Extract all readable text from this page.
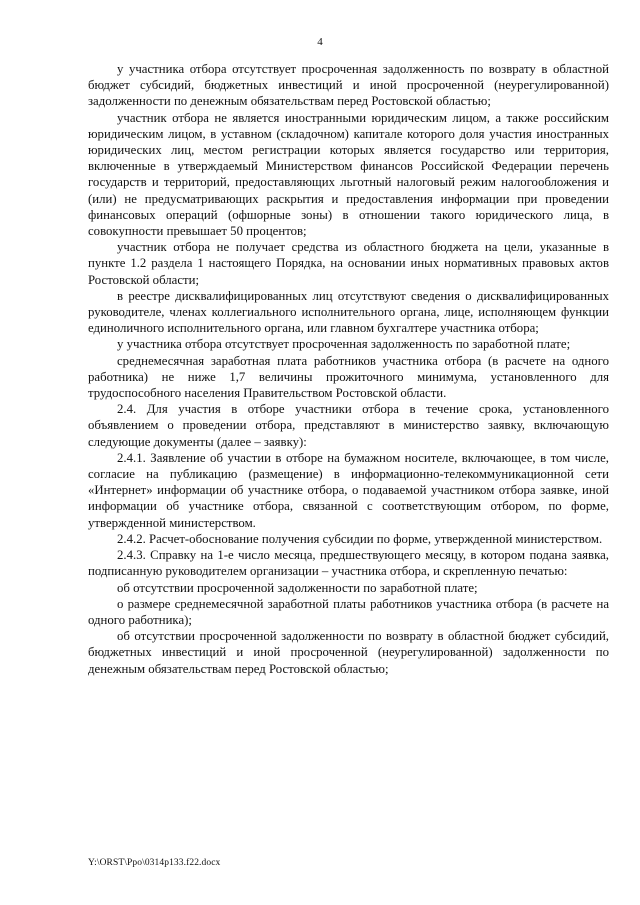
4

у участника отбора отсутствует просроченная задолженность по возврату в областной бюджет субсидий, бюджетных инвестиций и иной просроченной (неурегулированной) задолженности по денежным обязательствам перед Ростовской областью;

участник отбора не является иностранными юридическим лицом, а также российским юридическим лицом, в уставном (складочном) капитале которого доля участия иностранных юридических лиц, местом регистрации которых является государство или территория, включенные в утверждаемый Министерством финансов Российской Федерации перечень государств и территорий, предоставляющих льготный налоговый режим налогообложения и (или) не предусматривающих раскрытия и предоставления информации при проведении финансовых операций (офшорные зоны) в отношении такого юридического лица, в совокупности превышает 50 процентов;

участник отбора не получает средства из областного бюджета на цели, указанные в пункте 1.2 раздела 1 настоящего Порядка, на основании иных нормативных правовых актов Ростовской области;

в реестре дисквалифицированных лиц отсутствуют сведения о дисквалифицированных руководителе, членах коллегиального исполнительного органа, лице, исполняющем функции единоличного исполнительного органа, или главном бухгалтере участника отбора;

у участника отбора отсутствует просроченная задолженность по заработной плате;

среднемесячная заработная плата работников участника отбора (в расчете на одного работника) не ниже 1,7 величины прожиточного минимума, установленного для трудоспособного населения Правительством Ростовской области.

2.4. Для участия в отборе участники отбора в течение срока, установленного объявлением о проведении отбора, представляют в министерство заявку, включающую следующие документы (далее – заявку):

2.4.1. Заявление об участии в отборе на бумажном носителе, включающее, в том числе, согласие на публикацию (размещение) в информационно-телекоммуникационной сети «Интернет» информации об участнике отбора, о подаваемой участником отбора заявке, иной информации об участнике отбора, связанной с соответствующим отбором, по форме, утвержденной министерством.

2.4.2. Расчет-обоснование получения субсидии по форме, утвержденной министерством.

2.4.3. Справку на 1-е число месяца, предшествующего месяцу, в котором подана заявка, подписанную руководителем организации – участника отбора, и скрепленную печатью:

об отсутствии просроченной задолженности по заработной плате;

о размере среднемесячной заработной платы работников участника отбора (в расчете на одного работника);

об отсутствии просроченной задолженности по возврату в областной бюджет субсидий, бюджетных инвестиций и иной просроченной (неурегулированной) задолженности по денежным обязательствам перед Ростовской областью;

Y:\ORST\Ppo\0314p133.f22.docx
